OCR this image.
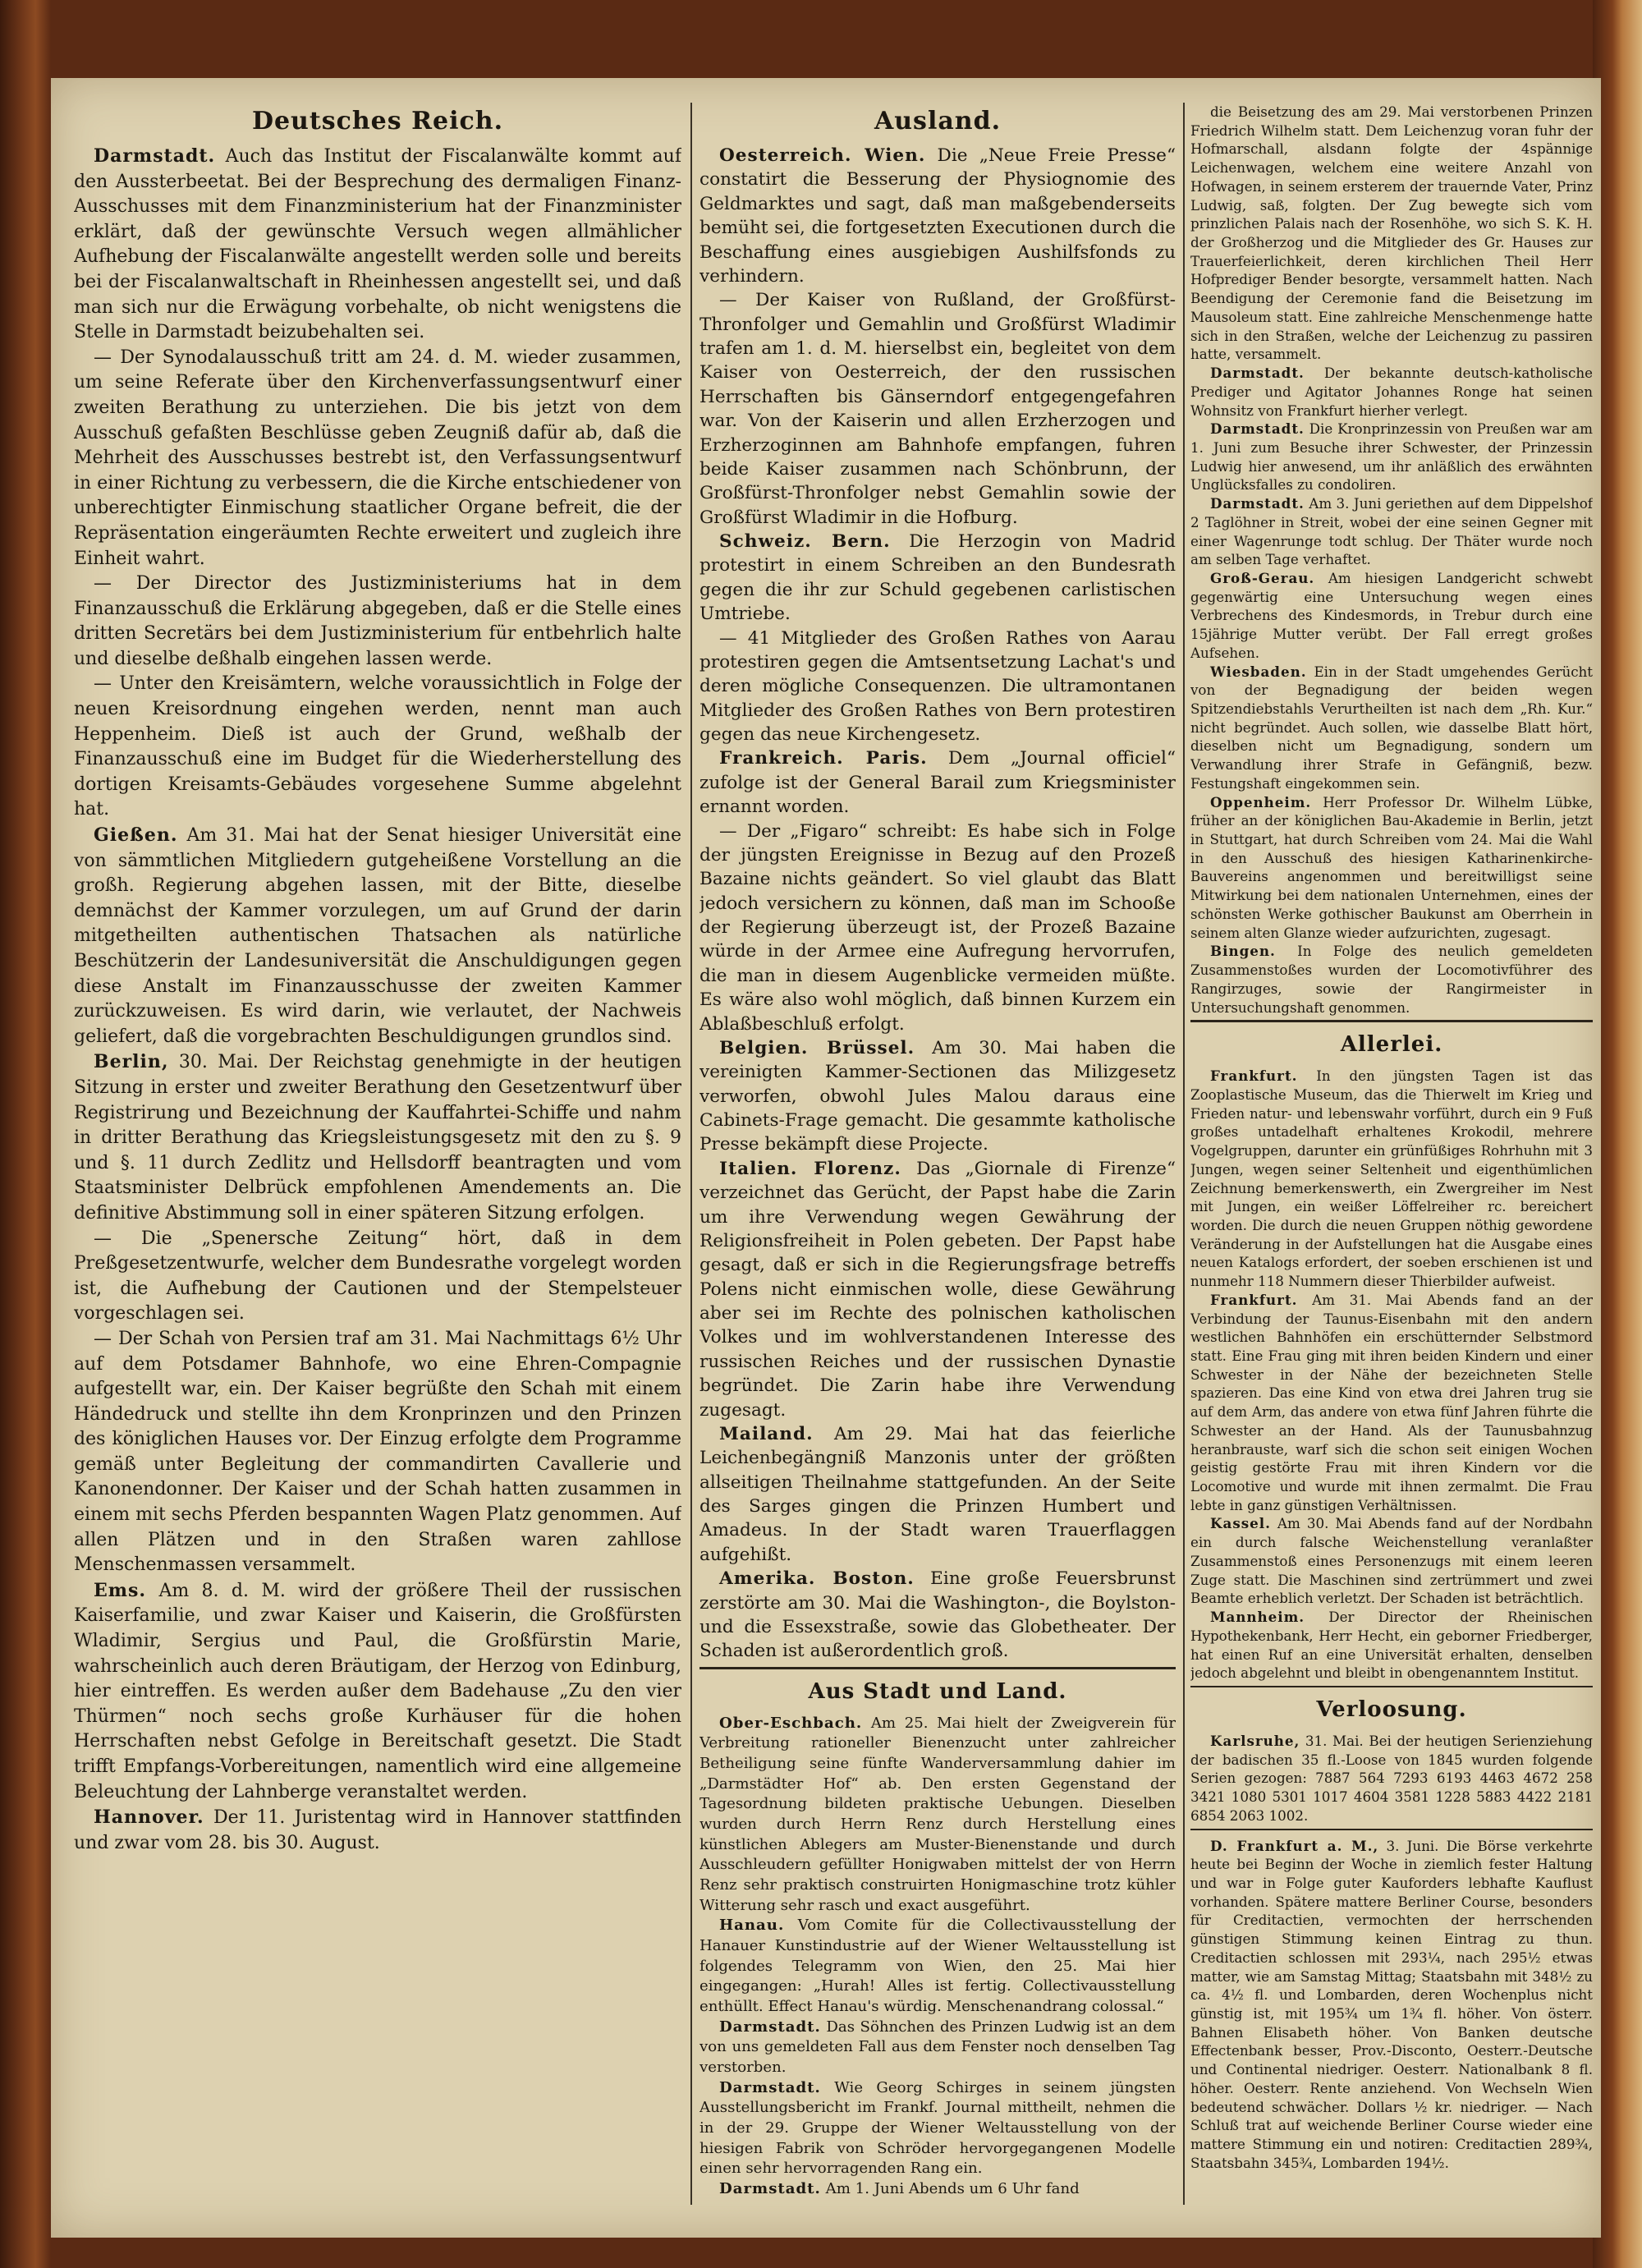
Deutsches Reich.

Darmstadt. Auch das Institut der Fiscalanwälte kommt auf den Aussterbeetat. Bei der Besprechung des dermaligen Finanz-Ausschusses mit dem Finanzministerium hat der Finanzminister erklärt, daß der gewünschte Versuch wegen allmählicher Aufhebung der Fiscalanwälte angestellt werden solle und bereits bei der Fiscalanwaltschaft in Rheinhessen angestellt sei, und daß man sich nur die Erwägung vorbehalte, ob nicht wenigstens die Stelle in Darmstadt beizubehalten sei.

— Der Synodalausschuß tritt am 24. d. M. wieder zusammen, um seine Referate über den Kirchenverfassungsentwurf einer zweiten Berathung zu unterziehen. Die bis jetzt von dem Ausschuß gefaßten Beschlüsse geben Zeugniß dafür ab, daß die Mehrheit des Ausschusses bestrebt ist, den Verfassungsentwurf in einer Richtung zu verbessern, die die Kirche entschiedener von unberechtigter Einmischung staatlicher Organe befreit, die der Repräsentation eingeräumten Rechte erweitert und zugleich ihre Einheit wahrt.

— Der Director des Justizministeriums hat in dem Finanzausschuß die Erklärung abgegeben, daß er die Stelle eines dritten Secretärs bei dem Justizministerium für entbehrlich halte und dieselbe deßhalb eingehen lassen werde.

— Unter den Kreisämtern, welche voraussichtlich in Folge der neuen Kreisordnung eingehen werden, nennt man auch Heppenheim. Dieß ist auch der Grund, weßhalb der Finanzausschuß eine im Budget für die Wiederherstellung des dortigen Kreisamts-Gebäudes vorgesehene Summe abgelehnt hat.

Gießen. Am 31. Mai hat der Senat hiesiger Universität eine von sämmtlichen Mitgliedern gutgeheißene Vorstellung an die großh. Regierung abgehen lassen, mit der Bitte, dieselbe demnächst der Kammer vorzulegen, um auf Grund der darin mitgetheilten authentischen Thatsachen als natürliche Beschützerin der Landesuniversität die Anschuldigungen gegen diese Anstalt im Finanzausschusse der zweiten Kammer zurückzuweisen. Es wird darin, wie verlautet, der Nachweis geliefert, daß die vorgebrachten Beschuldigungen grundlos sind.

Berlin, 30. Mai. Der Reichstag genehmigte in der heutigen Sitzung in erster und zweiter Berathung den Gesetzentwurf über Registrirung und Bezeichnung der Kauffahrtei-Schiffe und nahm in dritter Berathung das Kriegsleistungsgesetz mit den zu §. 9 und §. 11 durch Zedlitz und Hellsdorff beantragten und vom Staatsminister Delbrück empfohlenen Amendements an. Die definitive Abstimmung soll in einer späteren Sitzung erfolgen.

— Die „Spenersche Zeitung“ hört, daß in dem Preßgesetzentwurfe, welcher dem Bundesrathe vorgelegt worden ist, die Aufhebung der Cautionen und der Stempelsteuer vorgeschlagen sei.

— Der Schah von Persien traf am 31. Mai Nachmittags 6½ Uhr auf dem Potsdamer Bahnhofe, wo eine Ehren-Compagnie aufgestellt war, ein. Der Kaiser begrüßte den Schah mit einem Händedruck und stellte ihn dem Kronprinzen und den Prinzen des königlichen Hauses vor. Der Einzug erfolgte dem Programme gemäß unter Begleitung der commandirten Cavallerie und Kanonendonner. Der Kaiser und der Schah hatten zusammen in einem mit sechs Pferden bespannten Wagen Platz genommen. Auf allen Plätzen und in den Straßen waren zahllose Menschenmassen versammelt.

Ems. Am 8. d. M. wird der größere Theil der russischen Kaiserfamilie, und zwar Kaiser und Kaiserin, die Großfürsten Wladimir, Sergius und Paul, die Großfürstin Marie, wahrscheinlich auch deren Bräutigam, der Herzog von Edinburg, hier eintreffen. Es werden außer dem Badehause „Zu den vier Thürmen“ noch sechs große Kurhäuser für die hohen Herrschaften nebst Gefolge in Bereitschaft gesetzt. Die Stadt trifft Empfangs-Vorbereitungen, namentlich wird eine allgemeine Beleuchtung der Lahnberge veranstaltet werden.

Hannover. Der 11. Juristentag wird in Hannover stattfinden und zwar vom 28. bis 30. August.

Ausland.

Oesterreich. Wien. Die „Neue Freie Presse“ constatirt die Besserung der Physiognomie des Geldmarktes und sagt, daß man maßgebenderseits bemüht sei, die fortgesetzten Executionen durch die Beschaffung eines ausgiebigen Aushilfsfonds zu verhindern.

— Der Kaiser von Rußland, der Großfürst-Thronfolger und Gemahlin und Großfürst Wladimir trafen am 1. d. M. hierselbst ein, begleitet von dem Kaiser von Oesterreich, der den russischen Herrschaften bis Gänserndorf entgegengefahren war. Von der Kaiserin und allen Erzherzogen und Erzherzoginnen am Bahnhofe empfangen, fuhren beide Kaiser zusammen nach Schönbrunn, der Großfürst-Thronfolger nebst Gemahlin sowie der Großfürst Wladimir in die Hofburg.

Schweiz. Bern. Die Herzogin von Madrid protestirt in einem Schreiben an den Bundesrath gegen die ihr zur Schuld gegebenen carlistischen Umtriebe.

— 41 Mitglieder des Großen Rathes von Aarau protestiren gegen die Amtsentsetzung Lachat's und deren mögliche Consequenzen. Die ultramontanen Mitglieder des Großen Rathes von Bern protestiren gegen das neue Kirchengesetz.

Frankreich. Paris. Dem „Journal officiel“ zufolge ist der General Barail zum Kriegsminister ernannt worden.

— Der „Figaro“ schreibt: Es habe sich in Folge der jüngsten Ereignisse in Bezug auf den Prozeß Bazaine nichts geändert. So viel glaubt das Blatt jedoch versichern zu können, daß man im Schooße der Regierung überzeugt ist, der Prozeß Bazaine würde in der Armee eine Aufregung hervorrufen, die man in diesem Augenblicke vermeiden müßte. Es wäre also wohl möglich, daß binnen Kurzem ein Ablaßbeschluß erfolgt.

Belgien. Brüssel. Am 30. Mai haben die vereinigten Kammer-Sectionen das Milizgesetz verworfen, obwohl Jules Malou daraus eine Cabinets-Frage gemacht. Die gesammte katholische Presse bekämpft diese Projecte.

Italien. Florenz. Das „Giornale di Firenze“ verzeichnet das Gerücht, der Papst habe die Zarin um ihre Verwendung wegen Gewährung der Religionsfreiheit in Polen gebeten. Der Papst habe gesagt, daß er sich in die Regierungsfrage betreffs Polens nicht einmischen wolle, diese Gewährung aber sei im Rechte des polnischen katholischen Volkes und im wohlverstandenen Interesse des russischen Reiches und der russischen Dynastie begründet. Die Zarin habe ihre Verwendung zugesagt.

Mailand. Am 29. Mai hat das feierliche Leichenbegängniß Manzonis unter der größten allseitigen Theilnahme stattgefunden. An der Seite des Sarges gingen die Prinzen Humbert und Amadeus. In der Stadt waren Trauerflaggen aufgehißt.

Amerika. Boston. Eine große Feuersbrunst zerstörte am 30. Mai die Washington-, die Boylston- und die Essexstraße, sowie das Globetheater. Der Schaden ist außerordentlich groß.

Aus Stadt und Land.

Ober-Eschbach. Am 25. Mai hielt der Zweigverein für Verbreitung rationeller Bienenzucht unter zahlreicher Betheiligung seine fünfte Wanderversammlung dahier im „Darmstädter Hof“ ab. Den ersten Gegenstand der Tagesordnung bildeten praktische Uebungen. Dieselben wurden durch Herrn Renz durch Herstellung eines künstlichen Ablegers am Muster-Bienenstande und durch Ausschleudern gefüllter Honigwaben mittelst der von Herrn Renz sehr praktisch construirten Honigmaschine trotz kühler Witterung sehr rasch und exact ausgeführt.

Hanau. Vom Comite für die Collectivausstellung der Hanauer Kunstindustrie auf der Wiener Weltausstellung ist folgendes Telegramm von Wien, den 25. Mai hier eingegangen: „Hurah! Alles ist fertig. Collectivausstellung enthüllt. Effect Hanau's würdig. Menschenandrang colossal.“

Darmstadt. Das Söhnchen des Prinzen Ludwig ist an dem von uns gemeldeten Fall aus dem Fenster noch denselben Tag verstorben.

Darmstadt. Wie Georg Schirges in seinem jüngsten Ausstellungsbericht im Frankf. Journal mittheilt, nehmen die in der 29. Gruppe der Wiener Weltausstellung von der hiesigen Fabrik von Schröder hervorgegangenen Modelle einen sehr hervorragenden Rang ein.

Darmstadt. Am 1. Juni Abends um 6 Uhr fand

die Beisetzung des am 29. Mai verstorbenen Prinzen Friedrich Wilhelm statt. Dem Leichenzug voran fuhr der Hofmarschall, alsdann folgte der 4spännige Leichenwagen, welchem eine weitere Anzahl von Hofwagen, in seinem ersterem der trauernde Vater, Prinz Ludwig, saß, folgten. Der Zug bewegte sich vom prinzlichen Palais nach der Rosenhöhe, wo sich S. K. H. der Großherzog und die Mitglieder des Gr. Hauses zur Trauerfeierlichkeit, deren kirchlichen Theil Herr Hofprediger Bender besorgte, versammelt hatten. Nach Beendigung der Ceremonie fand die Beisetzung im Mausoleum statt. Eine zahlreiche Menschenmenge hatte sich in den Straßen, welche der Leichenzug zu passiren hatte, versammelt.

Darmstadt. Der bekannte deutsch-katholische Prediger und Agitator Johannes Ronge hat seinen Wohnsitz von Frankfurt hierher verlegt.

Darmstadt. Die Kronprinzessin von Preußen war am 1. Juni zum Besuche ihrer Schwester, der Prinzessin Ludwig hier anwesend, um ihr anläßlich des erwähnten Unglücksfalles zu condoliren.

Darmstadt. Am 3. Juni geriethen auf dem Dippelshof 2 Taglöhner in Streit, wobei der eine seinen Gegner mit einer Wagenrunge todt schlug. Der Thäter wurde noch am selben Tage verhaftet.

Groß-Gerau. Am hiesigen Landgericht schwebt gegenwärtig eine Untersuchung wegen eines Verbrechens des Kindesmords, in Trebur durch eine 15jährige Mutter verübt. Der Fall erregt großes Aufsehen.

Wiesbaden. Ein in der Stadt umgehendes Gerücht von der Begnadigung der beiden wegen Spitzendiebstahls Verurtheilten ist nach dem „Rh. Kur.“ nicht begründet. Auch sollen, wie dasselbe Blatt hört, dieselben nicht um Begnadigung, sondern um Verwandlung ihrer Strafe in Gefängniß, bezw. Festungshaft eingekommen sein.

Oppenheim. Herr Professor Dr. Wilhelm Lübke, früher an der königlichen Bau-Akademie in Berlin, jetzt in Stuttgart, hat durch Schreiben vom 24. Mai die Wahl in den Ausschuß des hiesigen Katharinenkirche-Bauvereins angenommen und bereitwilligst seine Mitwirkung bei dem nationalen Unternehmen, eines der schönsten Werke gothischer Baukunst am Oberrhein in seinem alten Glanze wieder aufzurichten, zugesagt.

Bingen. In Folge des neulich gemeldeten Zusammenstoßes wurden der Locomotivführer des Rangirzuges, sowie der Rangirmeister in Untersuchungshaft genommen.

Allerlei.

Frankfurt. In den jüngsten Tagen ist das Zooplastische Museum, das die Thierwelt im Krieg und Frieden natur- und lebenswahr vorführt, durch ein 9 Fuß großes untadelhaft erhaltenes Krokodil, mehrere Vogelgruppen, darunter ein grünfüßiges Rohrhuhn mit 3 Jungen, wegen seiner Seltenheit und eigenthümlichen Zeichnung bemerkenswerth, ein Zwergreiher im Nest mit Jungen, ein weißer Löffelreiher rc. bereichert worden. Die durch die neuen Gruppen nöthig gewordene Veränderung in der Aufstellungen hat die Ausgabe eines neuen Katalogs erfordert, der soeben erschienen ist und nunmehr 118 Nummern dieser Thierbilder aufweist.

Frankfurt. Am 31. Mai Abends fand an der Verbindung der Taunus-Eisenbahn mit den andern westlichen Bahnhöfen ein erschütternder Selbstmord statt. Eine Frau ging mit ihren beiden Kindern und einer Schwester in der Nähe der bezeichneten Stelle spazieren. Das eine Kind von etwa drei Jahren trug sie auf dem Arm, das andere von etwa fünf Jahren führte die Schwester an der Hand. Als der Taunusbahnzug heranbrauste, warf sich die schon seit einigen Wochen geistig gestörte Frau mit ihren Kindern vor die Locomotive und wurde mit ihnen zermalmt. Die Frau lebte in ganz günstigen Verhältnissen.

Kassel. Am 30. Mai Abends fand auf der Nordbahn ein durch falsche Weichenstellung veranlaßter Zusammenstoß eines Personenzugs mit einem leeren Zuge statt. Die Maschinen sind zertrümmert und zwei Beamte erheblich verletzt. Der Schaden ist beträchtlich.

Mannheim. Der Director der Rheinischen Hypothekenbank, Herr Hecht, ein geborner Friedberger, hat einen Ruf an eine Universität erhalten, denselben jedoch abgelehnt und bleibt in obengenanntem Institut.

Verloosung.

Karlsruhe, 31. Mai. Bei der heutigen Serienziehung der badischen 35 fl.-Loose von 1845 wurden folgende Serien gezogen: 7887 564 7293 6193 4463 4672 258 3421 1080 5301 1017 4604 3581 1228 5883 4422 2181 6854 2063 1002.

D. Frankfurt a. M., 3. Juni. Die Börse verkehrte heute bei Beginn der Woche in ziemlich fester Haltung und war in Folge guter Kauforders lebhafte Kauflust vorhanden. Spätere mattere Berliner Course, besonders für Creditactien, vermochten der herrschenden günstigen Stimmung keinen Eintrag zu thun. Creditactien schlossen mit 293¼, nach 295½ etwas matter, wie am Samstag Mittag; Staatsbahn mit 348½ zu ca. 4½ fl. und Lombarden, deren Wochenplus nicht günstig ist, mit 195¾ um 1¾ fl. höher. Von österr. Bahnen Elisabeth höher. Von Banken deutsche Effectenbank besser, Prov.-Disconto, Oesterr.-Deutsche und Continental niedriger. Oesterr. Nationalbank 8 fl. höher. Oesterr. Rente anziehend. Von Wechseln Wien bedeutend schwächer. Dollars ½ kr. niedriger. — Nach Schluß trat auf weichende Berliner Course wieder eine mattere Stimmung ein und notiren: Creditactien 289¾, Staatsbahn 345¾, Lombarden 194½.
